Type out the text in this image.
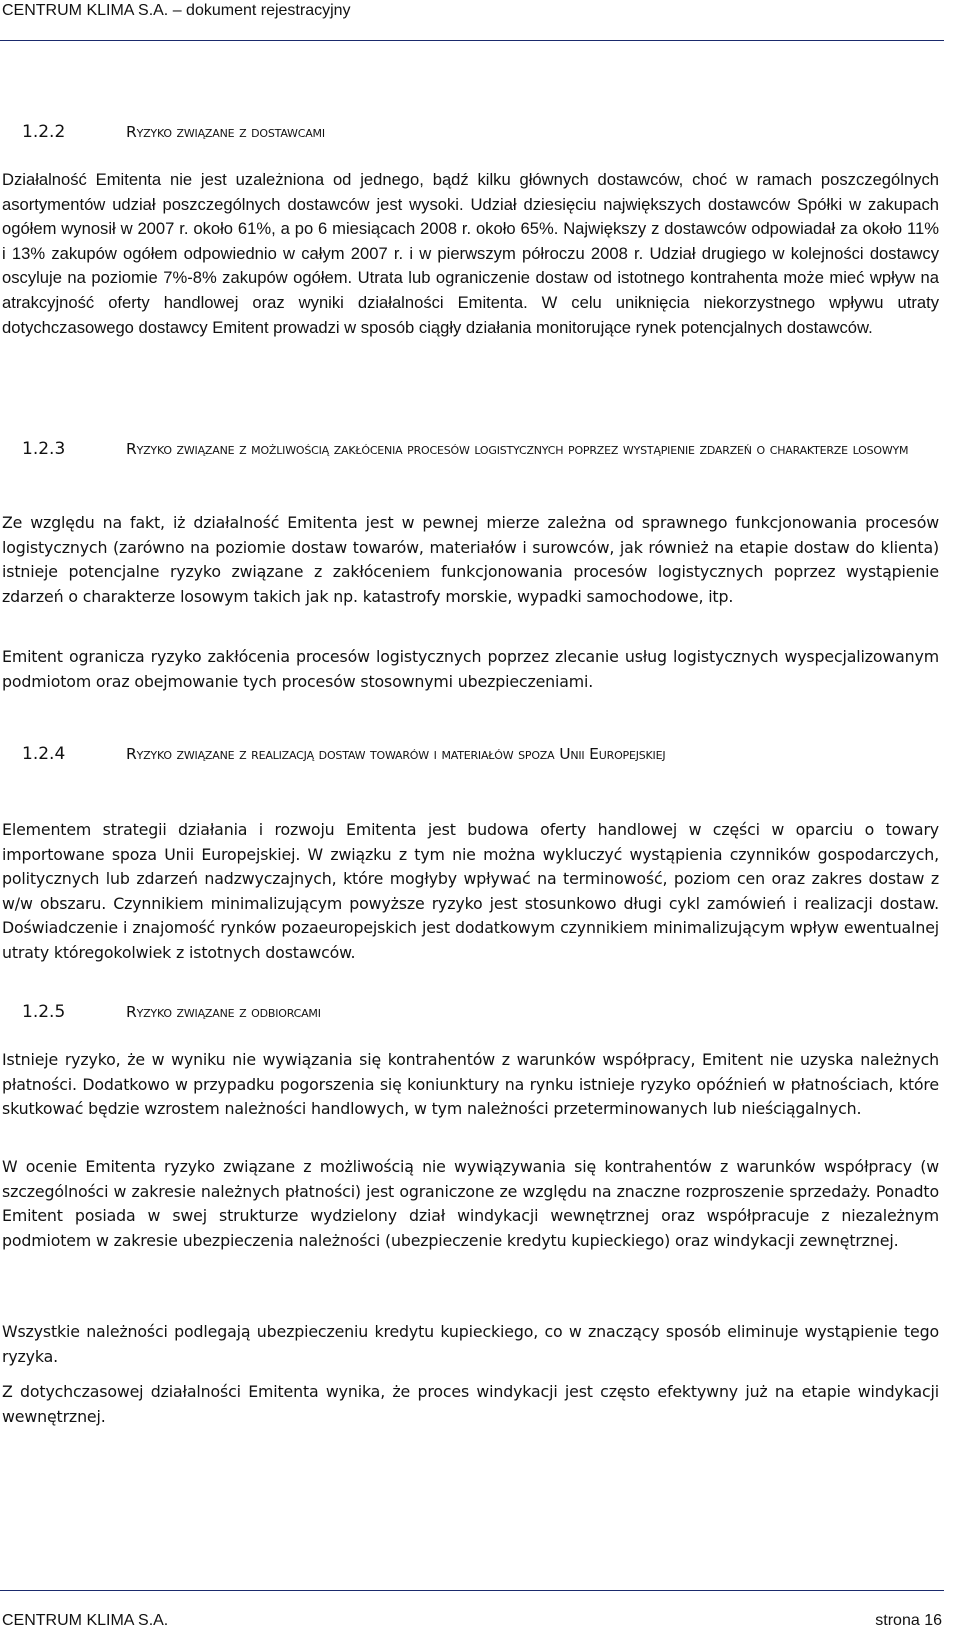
CENTRUM KLIMA S.A. – dokument rejestracyjny
1.2.2	Ryzyko związane z dostawcami
Działalność Emitenta nie jest uzależniona od jednego, bądź kilku głównych dostawców, choć w ramach poszczególnych asortymentów udział poszczególnych dostawców jest wysoki. Udział dziesięciu największych dostawców Spółki w zakupach ogółem wynosił w 2007 r. około 61%, a po 6 miesiącach 2008 r. około 65%. Największy z dostawców odpowiadał za około 11% i 13% zakupów ogółem odpowiednio w całym 2007 r. i w pierwszym półroczu 2008 r. Udział drugiego w kolejności dostawcy oscyluje na poziomie 7%-8% zakupów ogółem. Utrata lub ograniczenie dostaw od istotnego kontrahenta może mieć wpływ na atrakcyjność oferty handlowej oraz wyniki działalności Emitenta. W celu uniknięcia niekorzystnego wpływu utraty dotychczasowego dostawcy Emitent prowadzi w sposób ciągły działania monitorujące rynek potencjalnych dostawców.
1.2.3	Ryzyko związane z możliwością zakłócenia procesów logistycznych poprzez wystąpienie zdarzeń o charakterze losowym
Ze względu na fakt, iż działalność Emitenta jest w pewnej mierze zależna od sprawnego funkcjonowania procesów logistycznych (zarówno na poziomie dostaw towarów, materiałów i surowców, jak również na etapie dostaw do klienta) istnieje potencjalne ryzyko związane z zakłóceniem funkcjonowania procesów logistycznych poprzez wystąpienie zdarzeń o charakterze losowym takich jak np. katastrofy morskie, wypadki samochodowe, itp.
Emitent ogranicza ryzyko zakłócenia procesów logistycznych poprzez zlecanie usług logistycznych wyspecjalizowanym podmiotom oraz obejmowanie tych procesów stosownymi ubezpieczeniami.
1.2.4	Ryzyko związane z realizacją dostaw towarów i materiałów spoza Unii Europejskiej
Elementem strategii działania i rozwoju Emitenta jest budowa oferty handlowej w części w oparciu o towary importowane spoza Unii Europejskiej. W związku z tym nie można wykluczyć wystąpienia czynników gospodarczych, politycznych lub zdarzeń nadzwyczajnych, które mogłyby wpływać na terminowość, poziom cen oraz zakres dostaw z w/w obszaru. Czynnikiem minimalizującym powyższe ryzyko jest stosunkowo długi cykl zamówień i realizacji dostaw. Doświadczenie i znajomość rynków pozaeuropejskich jest dodatkowym czynnikiem minimalizującym wpływ ewentualnej utraty któregokolwiek z istotnych dostawców.
1.2.5	Ryzyko związane z odbiorcami
Istnieje ryzyko, że w wyniku nie wywiązania się kontrahentów z warunków współpracy, Emitent nie uzyska należnych płatności. Dodatkowo w przypadku pogorszenia się koniunktury na rynku istnieje ryzyko opóźnień w płatnościach, które skutkować będzie wzrostem należności handlowych, w tym należności przeterminowanych lub nieściągalnych.
W ocenie Emitenta ryzyko związane z możliwością nie wywiązywania się kontrahentów z warunków współpracy (w szczególności w zakresie należnych płatności) jest ograniczone ze względu na znaczne rozproszenie sprzedaży. Ponadto Emitent posiada w swej strukturze wydzielony dział windykacji wewnętrznej oraz współpracuje z niezależnym podmiotem w zakresie ubezpieczenia należności (ubezpieczenie kredytu kupieckiego) oraz windykacji zewnętrznej.
Wszystkie należności podlegają ubezpieczeniu kredytu kupieckiego, co w znaczący sposób eliminuje wystąpienie tego ryzyka.
Z dotychczasowej działalności Emitenta wynika, że proces windykacji jest często efektywny już na etapie windykacji wewnętrznej.
CENTRUM KLIMA S.A.	strona 16
